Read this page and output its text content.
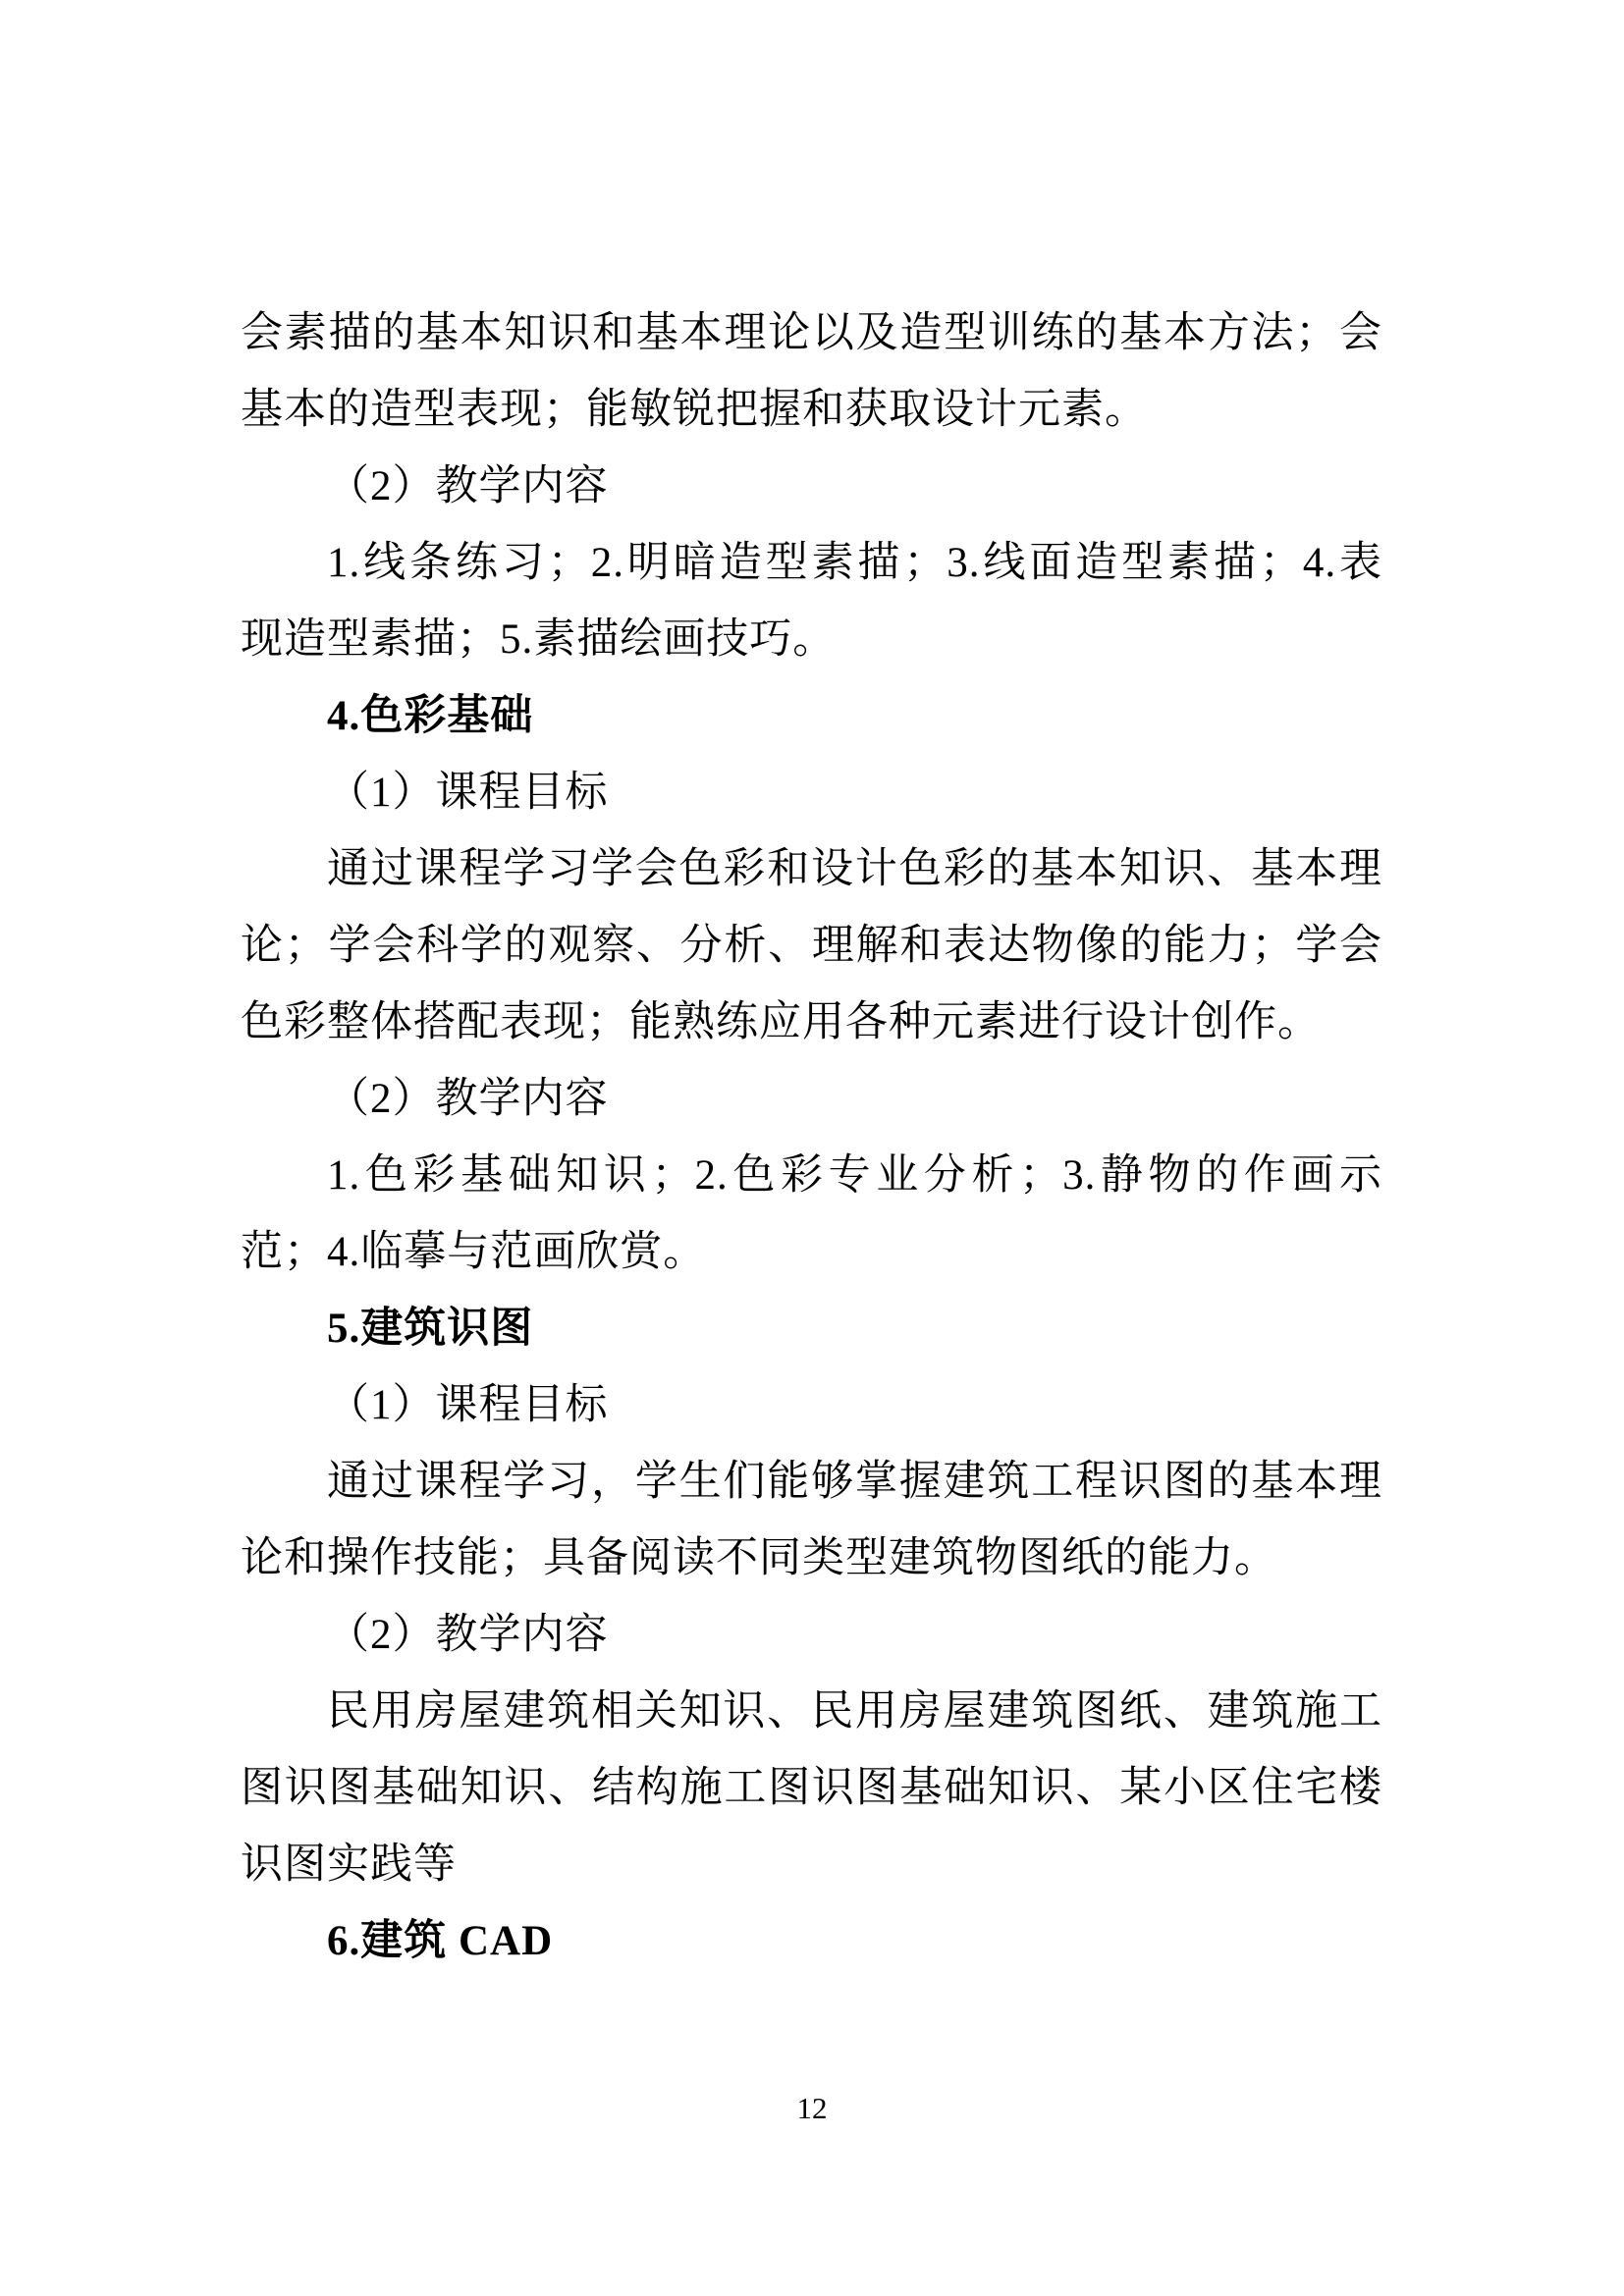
会素描的基本知识和基本理论以及造型训练的基本方法；会
基本的造型表现；能敏锐把握和获取设计元素。
（2）教学内容
1.线条练习；2.明暗造型素描；3.线面造型素描；4.表
现造型素描；5.素描绘画技巧。
4.色彩基础
（1）课程目标
通过课程学习学会色彩和设计色彩的基本知识、基本理
论；学会科学的观察、分析、理解和表达物像的能力；学会
色彩整体搭配表现；能熟练应用各种元素进行设计创作。
（2）教学内容
1.色彩基础知识；2.色彩专业分析；3.静物的作画示
范；4.临摹与范画欣赏。
5.建筑识图
（1）课程目标
通过课程学习，学生们能够掌握建筑工程识图的基本理
论和操作技能；具备阅读不同类型建筑物图纸的能力。
（2）教学内容
民用房屋建筑相关知识、民用房屋建筑图纸、建筑施工
图识图基础知识、结构施工图识图基础知识、某小区住宅楼
识图实践等
6.建筑 CAD
12
